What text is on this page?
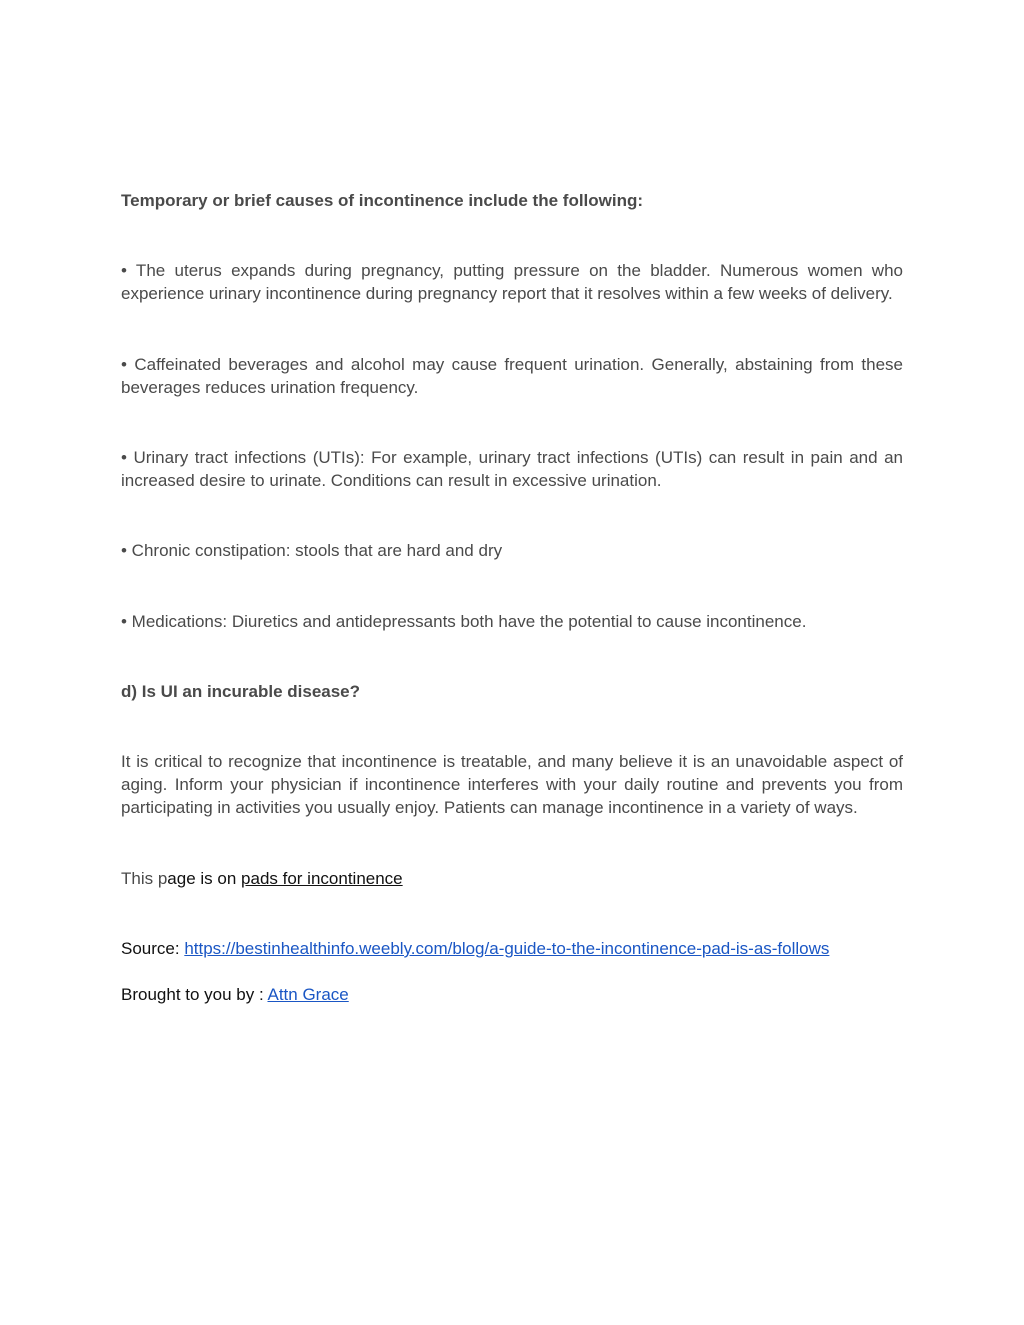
Temporary or brief causes of incontinence include the following:

• The uterus expands during pregnancy, putting pressure on the bladder. Numerous women who experience urinary incontinence during pregnancy report that it resolves within a few weeks of delivery.

• Caffeinated beverages and alcohol may cause frequent urination. Generally, abstaining from these beverages reduces urination frequency.

• Urinary tract infections (UTIs): For example, urinary tract infections (UTIs) can result in pain and an increased desire to urinate. Conditions can result in excessive urination.

• Chronic constipation: stools that are hard and dry

• Medications: Diuretics and antidepressants both have the potential to cause incontinence.

d) Is UI an incurable disease?

It is critical to recognize that incontinence is treatable, and many believe it is an unavoidable aspect of aging. Inform your physician if incontinence interferes with your daily routine and prevents you from participating in activities you usually enjoy. Patients can manage incontinence in a variety of ways.

This page is on pads for incontinence

Source: https://bestinhealthinfo.weebly.com/blog/a-guide-to-the-incontinence-pad-is-as-follows

Brought to you by : Attn Grace
